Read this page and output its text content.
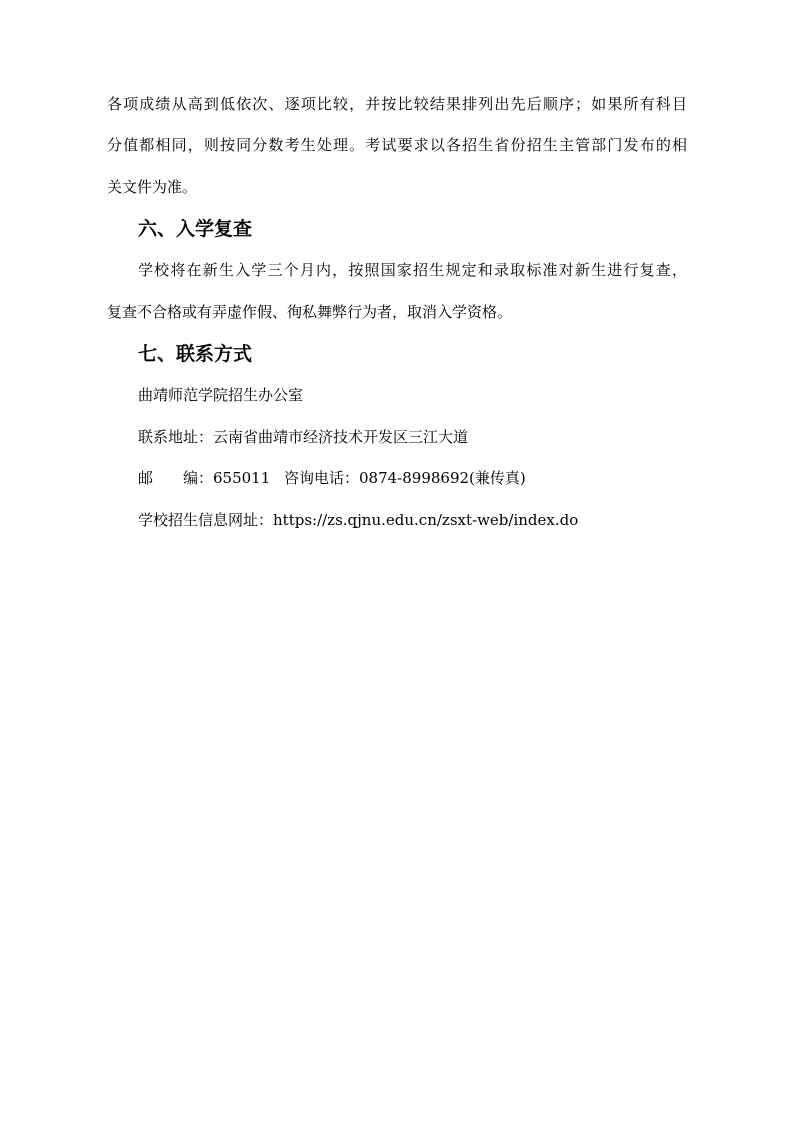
各项成绩从高到低依次、逐项比较，并按比较结果排列出先后顺序；如果所有科目
分值都相同，则按同分数考生处理。考试要求以各招生省份招生主管部门发布的相
关文件为准。
六、入学复查
学校将在新生入学三个月内，按照国家招生规定和录取标准对新生进行复查，
复查不合格或有弄虚作假、徇私舞弊行为者，取消入学资格。
七、联系方式
曲靖师范学院招生办公室
联系地址：云南省曲靖市经济技术开发区三江大道
邮　　编：655011 咨询电话：0874-8998692(兼传真)
学校招生信息网址：https://zs.qjnu.edu.cn/zsxt-web/index.do
